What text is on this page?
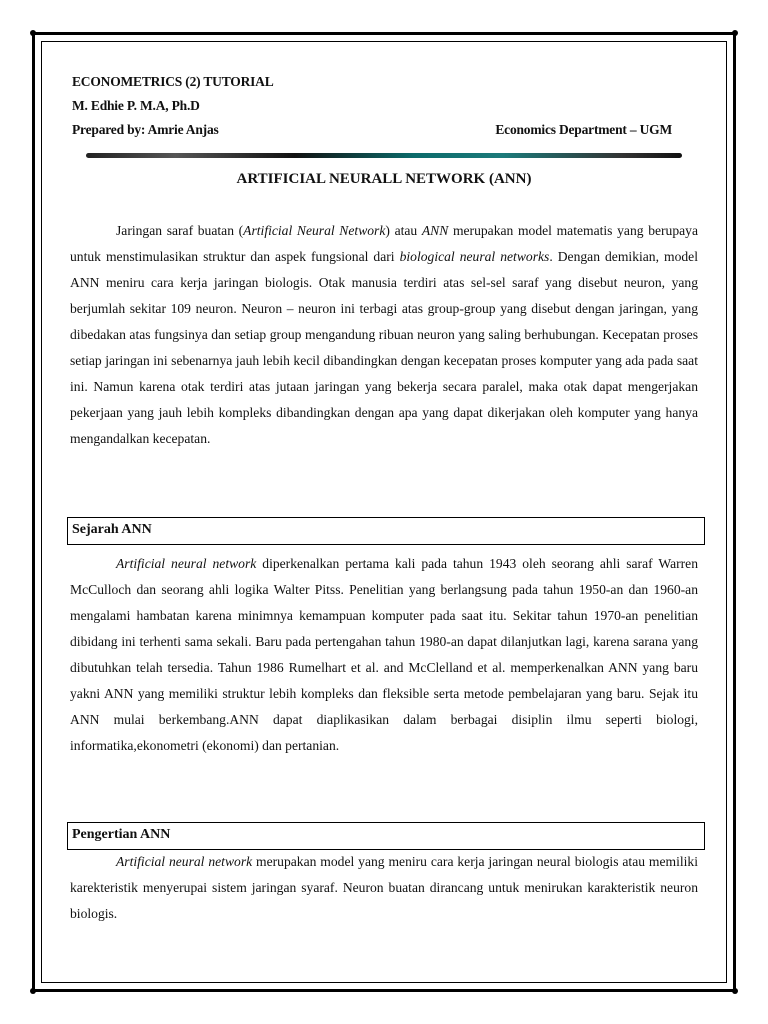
ECONOMETRICS (2) TUTORIAL
M. Edhie P. M.A, Ph.D
Prepared by: Amrie Anjas	Economics Department – UGM
ARTIFICIAL NEURALL NETWORK (ANN)

Jaringan saraf buatan (Artificial Neural Network) atau ANN merupakan model matematis yang berupaya untuk menstimulasikan struktur dan aspek fungsional dari biological neural networks. Dengan demikian, model ANN meniru cara kerja jaringan biologis. Otak manusia terdiri atas sel-sel saraf yang disebut neuron, yang berjumlah sekitar 109 neuron. Neuron – neuron ini terbagi atas group-group yang disebut dengan jaringan, yang dibedakan atas fungsinya dan setiap group mengandung ribuan neuron yang saling berhubungan. Kecepatan proses setiap jaringan ini sebenarnya jauh lebih kecil dibandingkan dengan kecepatan proses komputer yang ada pada saat ini. Namun karena otak terdiri atas jutaan jaringan yang bekerja secara paralel, maka otak dapat mengerjakan pekerjaan yang jauh lebih kompleks dibandingkan dengan apa yang dapat dikerjakan oleh komputer yang hanya mengandalkan kecepatan.

Sejarah ANN

Artificial neural network diperkenalkan pertama kali pada tahun 1943 oleh seorang ahli saraf Warren McCulloch dan seorang ahli logika Walter Pitss. Penelitian yang berlangsung pada tahun 1950-an dan 1960-an mengalami hambatan karena minimnya kemampuan komputer pada saat itu. Sekitar tahun 1970-an penelitian dibidang ini terhenti sama sekali. Baru pada pertengahan tahun 1980-an dapat dilanjutkan lagi, karena sarana yang dibutuhkan telah tersedia. Tahun 1986 Rumelhart et al. and McClelland et al. memperkenalkan ANN yang baru yakni ANN yang memiliki struktur lebih kompleks dan fleksible serta metode pembelajaran yang baru. Sejak itu ANN mulai berkembang.ANN dapat diaplikasikan dalam berbagai disiplin ilmu seperti biologi, informatika,ekonometri (ekonomi) dan pertanian.

Pengertian ANN

Artificial neural network merupakan model yang meniru cara kerja jaringan neural biologis atau memiliki karekteristik menyerupai sistem jaringan syaraf. Neuron buatan dirancang untuk menirukan karakteristik neuron biologis.
